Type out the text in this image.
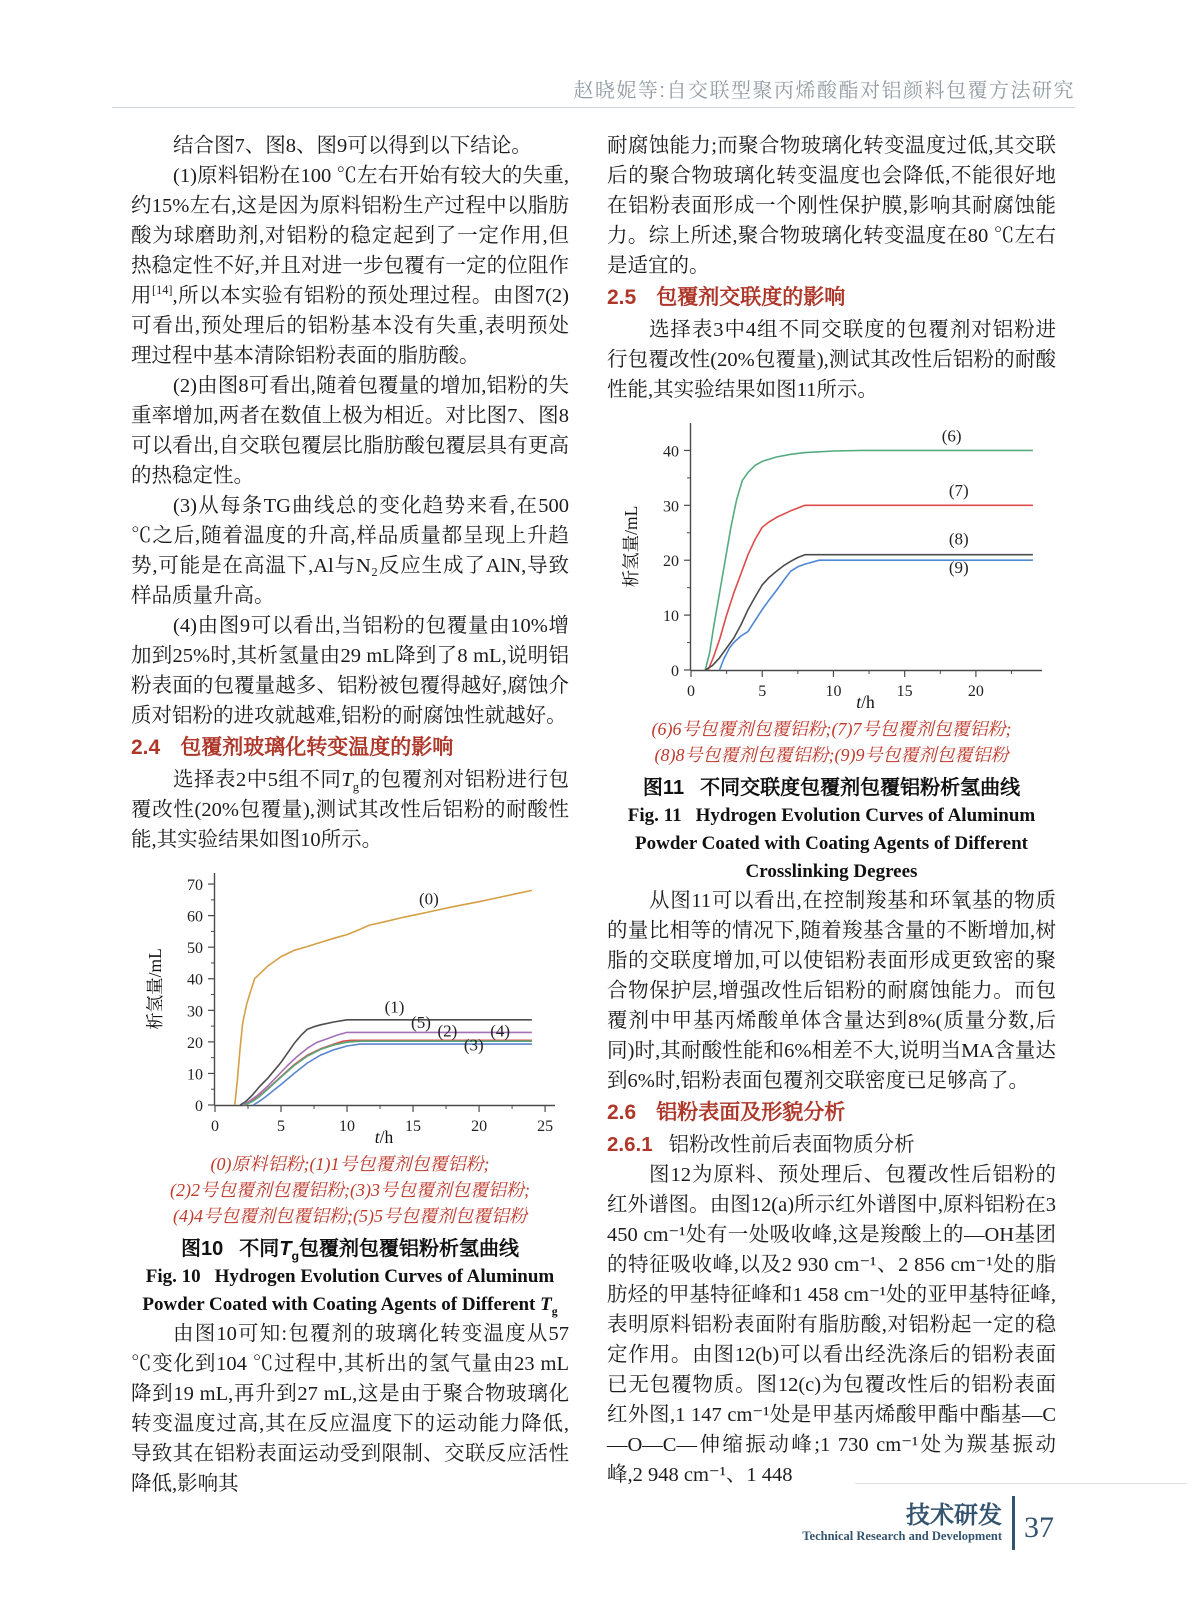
赵晓妮等:自交联型聚丙烯酸酯对铝颜料包覆方法研究

结合图7、图8、图9可以得到以下结论。

(1)原料铝粉在100 ℃左右开始有较大的失重,约15%左右,这是因为原料铝粉生产过程中以脂肪酸为球磨助剂,对铝粉的稳定起到了一定作用,但热稳定性不好,并且对进一步包覆有一定的位阻作用[14],所以本实验有铝粉的预处理过程。由图7(2)可看出,预处理后的铝粉基本没有失重,表明预处理过程中基本清除铝粉表面的脂肪酸。

(2)由图8可看出,随着包覆量的增加,铝粉的失重率增加,两者在数值上极为相近。对比图7、图8可以看出,自交联包覆层比脂肪酸包覆层具有更高的热稳定性。

(3)从每条TG曲线总的变化趋势来看,在500 ℃之后,随着温度的升高,样品质量都呈现上升趋势,可能是在高温下,Al与N₂反应生成了AlN,导致样品质量升高。

(4)由图9可以看出,当铝粉的包覆量由10%增加到25%时,其析氢量由29 mL降到了8 mL,说明铝粉表面的包覆量越多、铝粉被包覆得越好,腐蚀介质对铝粉的进攻就越难,铝粉的耐腐蚀性就越好。

2.4 包覆剂玻璃化转变温度的影响

选择表2中5组不同$T_g$的包覆剂对铝粉进行包覆改性(20%包覆量),测试其改性后铝粉的耐酸性能,其实验结果如图10所示。

0	5	10	15	20	25
0
10
20
30
40
50
60
70
(0)
(1)
(5) (2) (4)
(3)
析氢量/mL
t/h
(0)原料铝粉;(1)1号包覆剂包覆铝粉;
(2)2号包覆剂包覆铝粉;(3)3号包覆剂包覆铝粉;
(4)4号包覆剂包覆铝粉;(5)5号包覆剂包覆铝粉
图10 不同$T_g$包覆剂包覆铝粉析氢曲线
Fig. 10 Hydrogen Evolution Curves of Aluminum Powder Coated with Coating Agents of Different $T_g$

由图10可知:包覆剂的玻璃化转变温度从57 ℃变化到104 ℃过程中,其析出的氢气量由23 mL降到19 mL,再升到27 mL,这是由于聚合物玻璃化转变温度过高,其在反应温度下的运动能力降低,导致其在铝粉表面运动受到限制、交联反应活性降低,影响其

耐腐蚀能力;而聚合物玻璃化转变温度过低,其交联后的聚合物玻璃化转变温度也会降低,不能很好地在铝粉表面形成一个刚性保护膜,影响其耐腐蚀能力。综上所述,聚合物玻璃化转变温度在80 ℃左右是适宜的。

2.5 包覆剂交联度的影响

选择表3中4组不同交联度的包覆剂对铝粉进行包覆改性(20%包覆量),测试其改性后铝粉的耐酸性能,其实验结果如图11所示。

0	5	10	15	20
0
10
20
30
40
(6)
(7)
(8)
(9)
析氢量/mL
t/h
(6)6号包覆剂包覆铝粉;(7)7号包覆剂包覆铝粉;
(8)8号包覆剂包覆铝粉;(9)9号包覆剂包覆铝粉
图11 不同交联度包覆剂包覆铝粉析氢曲线
Fig. 11 Hydrogen Evolution Curves of Aluminum Powder Coated with Coating Agents of Different Crosslinking Degrees

从图11可以看出,在控制羧基和环氧基的物质的量比相等的情况下,随着羧基含量的不断增加,树脂的交联度增加,可以使铝粉表面形成更致密的聚合物保护层,增强改性后铝粉的耐腐蚀能力。而包覆剂中甲基丙烯酸单体含量达到8%(质量分数,后同)时,其耐酸性能和6%相差不大,说明当MA含量达到6%时,铝粉表面包覆剂交联密度已足够高了。

2.6 铝粉表面及形貌分析
2.6.1 铝粉改性前后表面物质分析

图12为原料、预处理后、包覆改性后铝粉的红外谱图。由图12(a)所示红外谱图中,原料铝粉在3 450 cm⁻¹处有一处吸收峰,这是羧酸上的—OH基团的特征吸收峰,以及2 930 cm⁻¹、2 856 cm⁻¹处的脂肪烃的甲基特征峰和1 458 cm⁻¹处的亚甲基特征峰,表明原料铝粉表面附有脂肪酸,对铝粉起一定的稳定作用。由图12(b)可以看出经洗涤后的铝粉表面已无包覆物质。图12(c)为包覆改性后的铝粉表面红外图,1 147 cm⁻¹处是甲基丙烯酸甲酯中酯基—C—O—C—伸缩振动峰;1 730 cm⁻¹处为羰基振动峰,2 948 cm⁻¹、1 448

技术研发
Technical Research and Development 37
